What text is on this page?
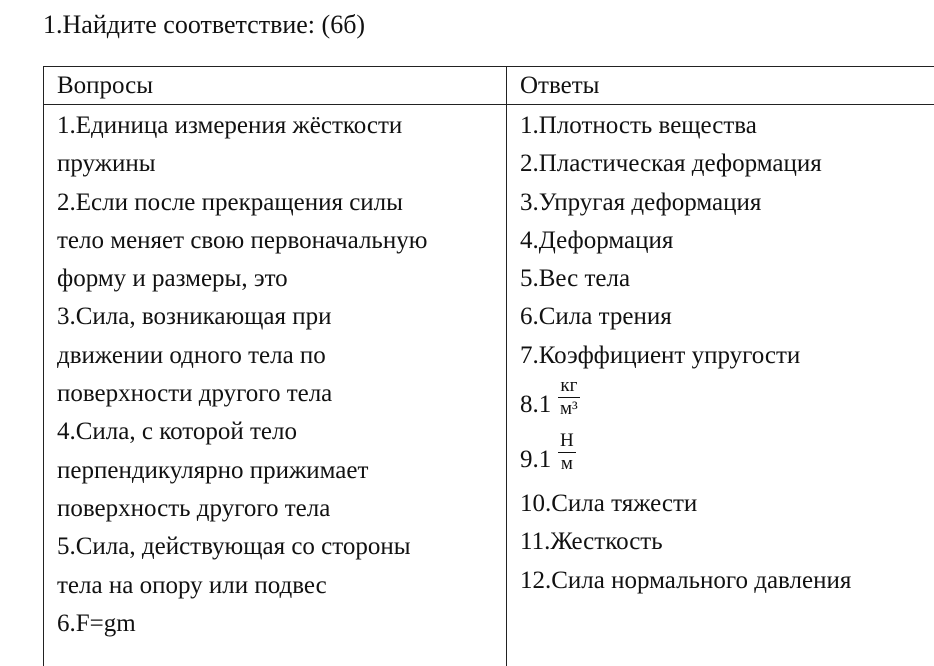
1.Найдите соответствие: (6б)
Вопросы	Ответы
1.Единица измерения жёсткости
пружины
2.Если после прекращения силы
тело меняет свою первоначальную
форму и размеры, это
3.Сила, возникающая при
движении одного тела по
поверхности другого тела
4.Сила, с которой тело
перпендикулярно прижимает
поверхность другого тела
5.Сила, действующая со стороны
тела на опору или подвес
6.F=gm
1.Плотность вещества
2.Пластическая деформация
3.Упругая деформация
4.Деформация
5.Вес тела
6.Сила трения
7.Коэффициент упругости
8.1
кг
м³
9.1
Н
м
10.Сила тяжести
11.Жесткость
12.Сила нормального давления
